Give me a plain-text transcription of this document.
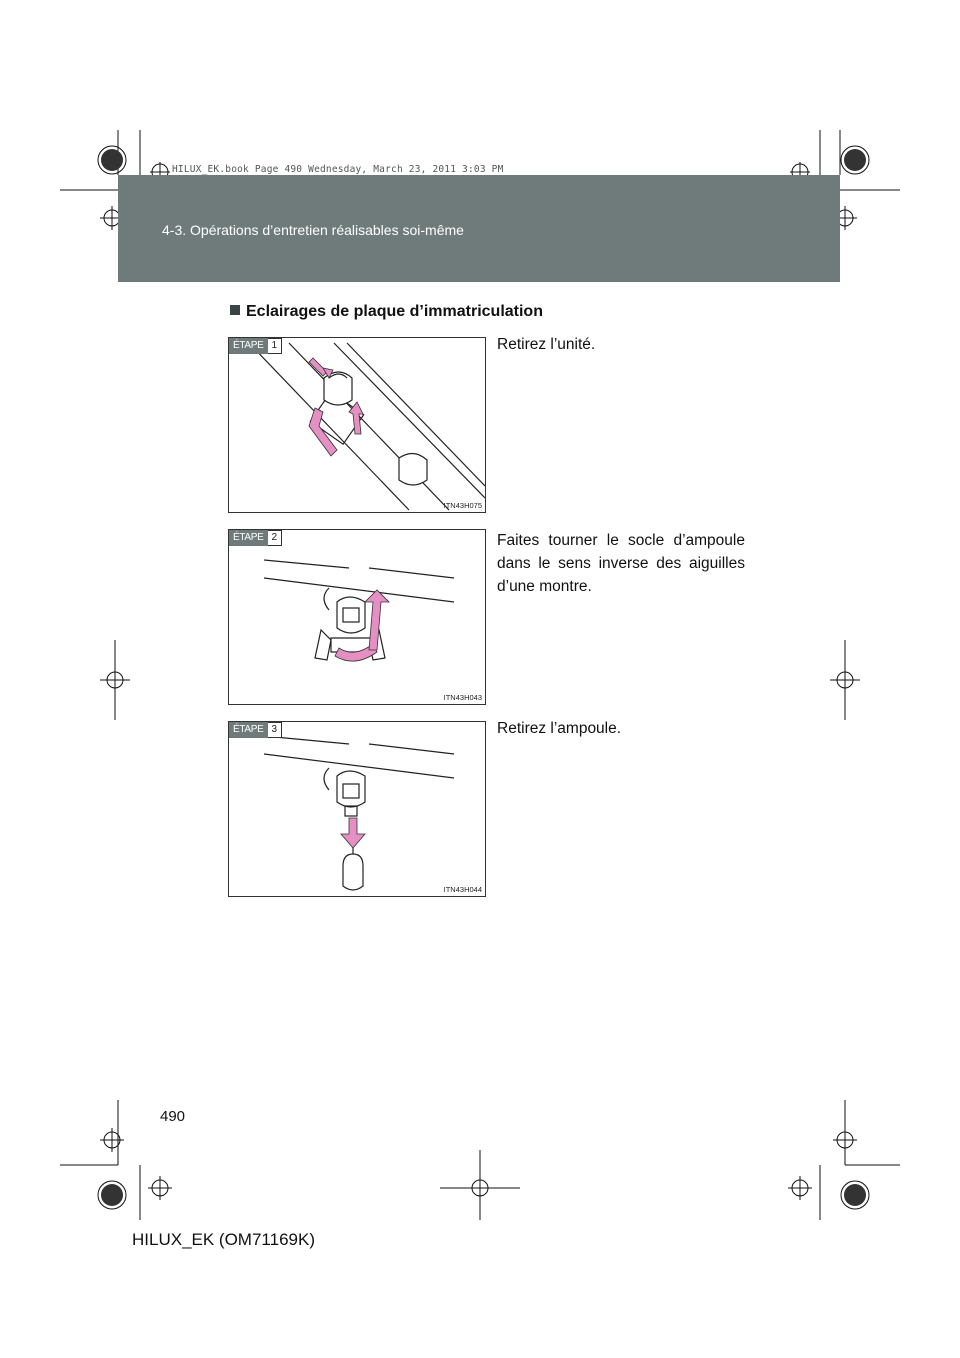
HILUX_EK.book Page 490 Wednesday, March 23, 2011 3:03 PM
4-3. Opérations d’entretien réalisables soi-même
Eclairages de plaque d’immatriculation
ÉTAPE 1
ITN43H075
Retirez l’unité.
ÉTAPE 2
ITN43H043
Faites tourner le socle d’ampoule dans le sens inverse des aiguilles d’une montre.
ÉTAPE 3
ITN43H044
Retirez l’ampoule.
490
HILUX_EK (OM71169K)
